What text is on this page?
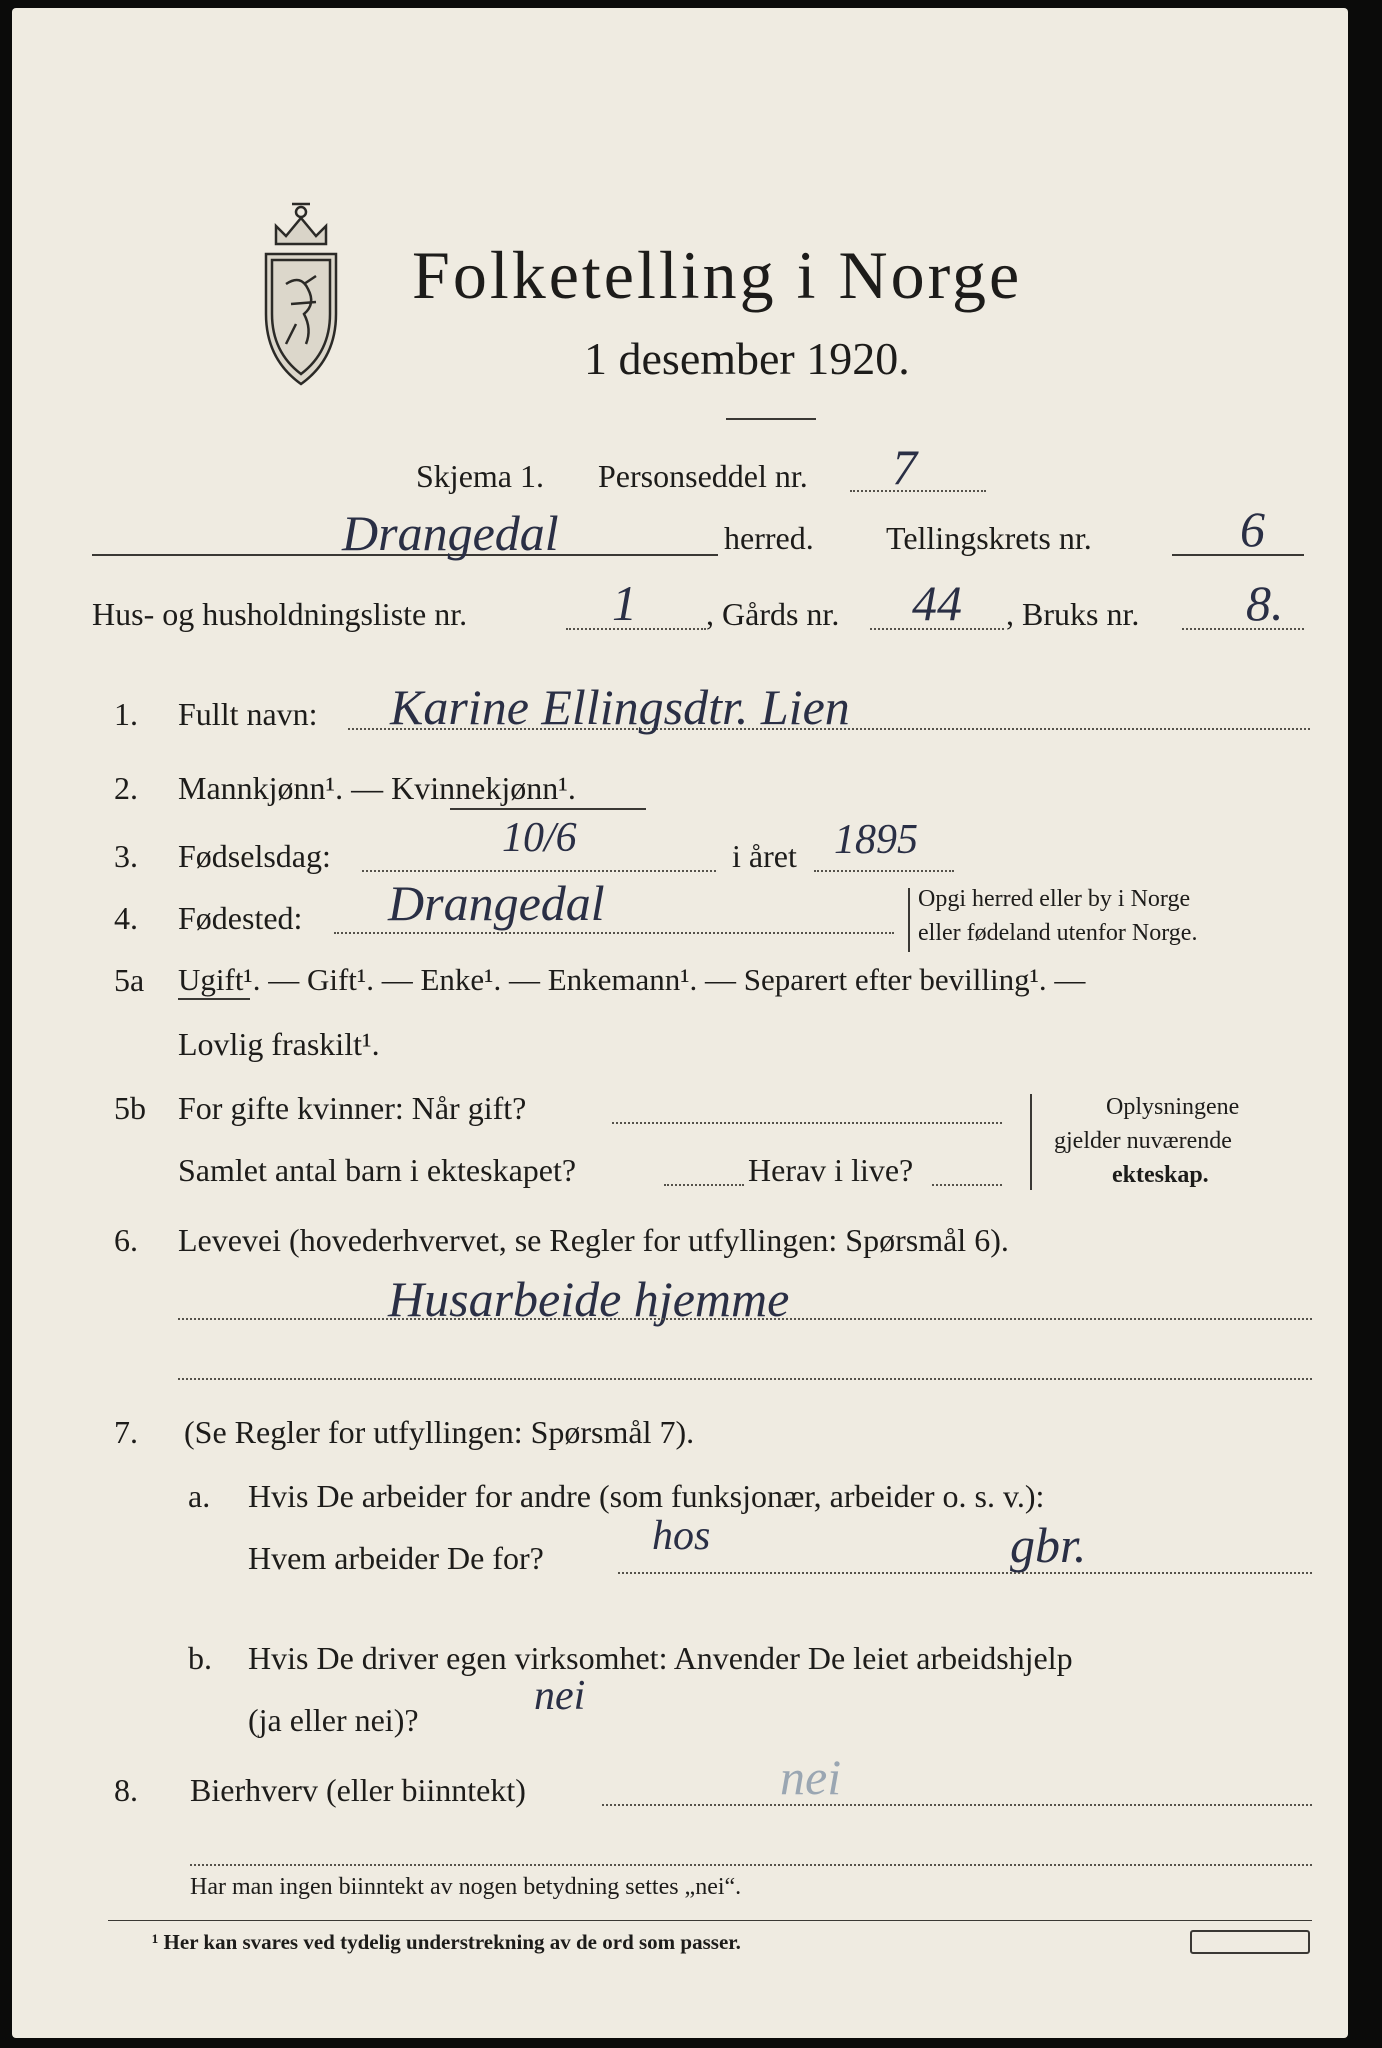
Folketelling i Norge
1 desember 1920.
Skjema 1. Personseddel nr. 7
Drangedal	herred. Tellingskrets nr.	6
Hus- og husholdningsliste nr.	1 , Gårds nr. 44 , Bruks nr. 8.
1. Fullt navn: Karine Ellingsdtr. Lien
2. Mannkjønn¹. — Kvinnekjønn¹.
3. Fødselsdag:	10/6	i året 1895
4. Fødested: Drangedal	Opgi herred eller by i Norge
eller fødeland utenfor Norge.
5a Ugift¹. — Gift¹. — Enke¹. — Enkemann¹. — Separert efter bevilling¹. —
Lovlig fraskilt¹.
5b For gifte kvinner: Når gift?
Samlet antal barn i ekteskapet?	Herav i live?
Oplysningene
gjelder nuværende
ekteskap.
6. Levevei (hovederhvervet, se Regler for utfyllingen: Spørsmål 6).
Husarbeide hjemme
7. (Se Regler for utfyllingen: Spørsmål 7).
a. Hvis De arbeider for andre (som funksjonær, arbeider o. s. v.):
Hvem arbeider De for?	hos	gbr.
b. Hvis De driver egen virksomhet: Anvender De leiet arbeidshjelp
(ja eller nei)?
nei
8. Bierhverv (eller biinntekt)	nei
Har man ingen biinntekt av nogen betydning settes „nei“.
¹ Her kan svares ved tydelig understrekning av de ord som passer.
